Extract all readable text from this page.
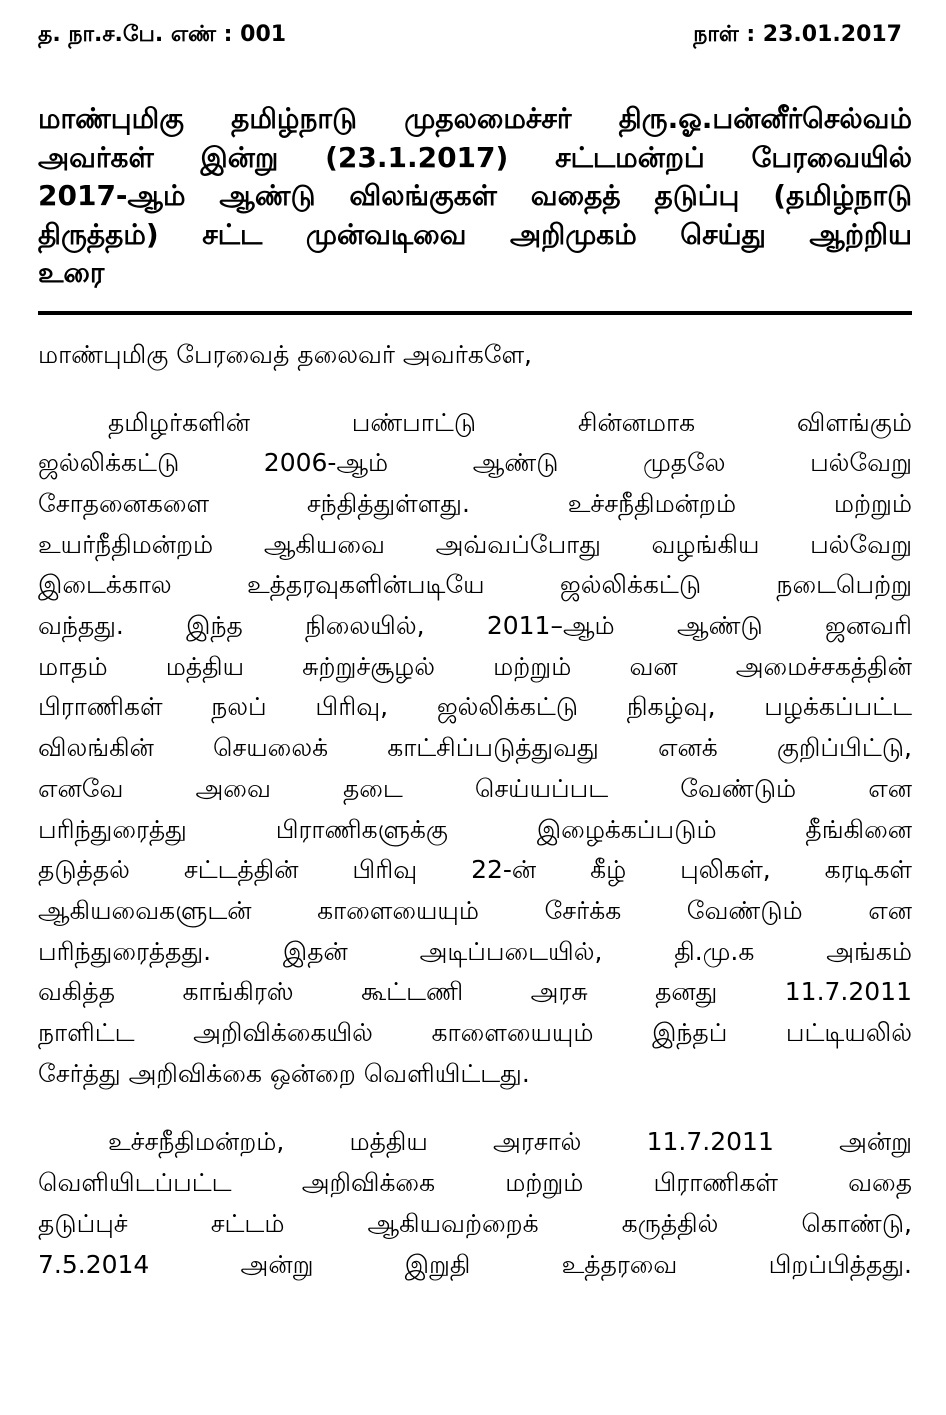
த. நா.ச.பே. எண் : 001	நாள் : 23.01.2017
மாண்புமிகு தமிழ்நாடு முதலமைச்சர் திரு.ஓ.பன்னீர்செல்வம்
அவர்கள் இன்று (23.1.2017) சட்டமன்றப் பேரவையில்
2017-ஆம் ஆண்டு விலங்குகள் வதைத் தடுப்பு (தமிழ்நாடு
திருத்தம்) சட்ட முன்வடிவை அறிமுகம் செய்து ஆற்றிய
உரை
மாண்புமிகு பேரவைத் தலைவர் அவர்களே,

தமிழர்களின் பண்பாட்டு சின்னமாக விளங்கும்
ஜல்லிக்கட்டு 2006-ஆம் ஆண்டு முதலே பல்வேறு
சோதனைகளை சந்தித்துள்ளது. உச்சநீதிமன்றம் மற்றும்
உயர்நீதிமன்றம் ஆகியவை அவ்வப்போது வழங்கிய பல்வேறு
இடைக்கால உத்தரவுகளின்படியே ஜல்லிக்கட்டு நடைபெற்று
வந்தது. இந்த நிலையில், 2011–ஆம் ஆண்டு ஜனவரி
மாதம் மத்திய சுற்றுச்சூழல் மற்றும் வன அமைச்சகத்தின்
பிராணிகள் நலப் பிரிவு, ஜல்லிக்கட்டு நிகழ்வு, பழக்கப்பட்ட
விலங்கின் செயலைக் காட்சிப்படுத்துவது எனக் குறிப்பிட்டு,
எனவே அவை தடை செய்யப்பட வேண்டும் என
பரிந்துரைத்து பிராணிகளுக்கு இழைக்கப்படும் தீங்கினை
தடுத்தல் சட்டத்தின் பிரிவு 22-ன் கீழ் புலிகள், கரடிகள்
ஆகியவைகளுடன் காளையையும் சேர்க்க வேண்டும் என
பரிந்துரைத்தது. இதன் அடிப்படையில், தி.மு.க அங்கம்
வகித்த காங்கிரஸ் கூட்டணி அரசு தனது 11.7.2011
நாளிட்ட அறிவிக்கையில் காளையையும் இந்தப் பட்டியலில்
சேர்த்து அறிவிக்கை ஒன்றை வெளியிட்டது.

உச்சநீதிமன்றம், மத்திய அரசால் 11.7.2011 அன்று
வெளியிடப்பட்ட அறிவிக்கை மற்றும் பிராணிகள் வதை
தடுப்புச் சட்டம் ஆகியவற்றைக் கருத்தில் கொண்டு,
7.5.2014 அன்று இறுதி உத்தரவை பிறப்பித்தது.
